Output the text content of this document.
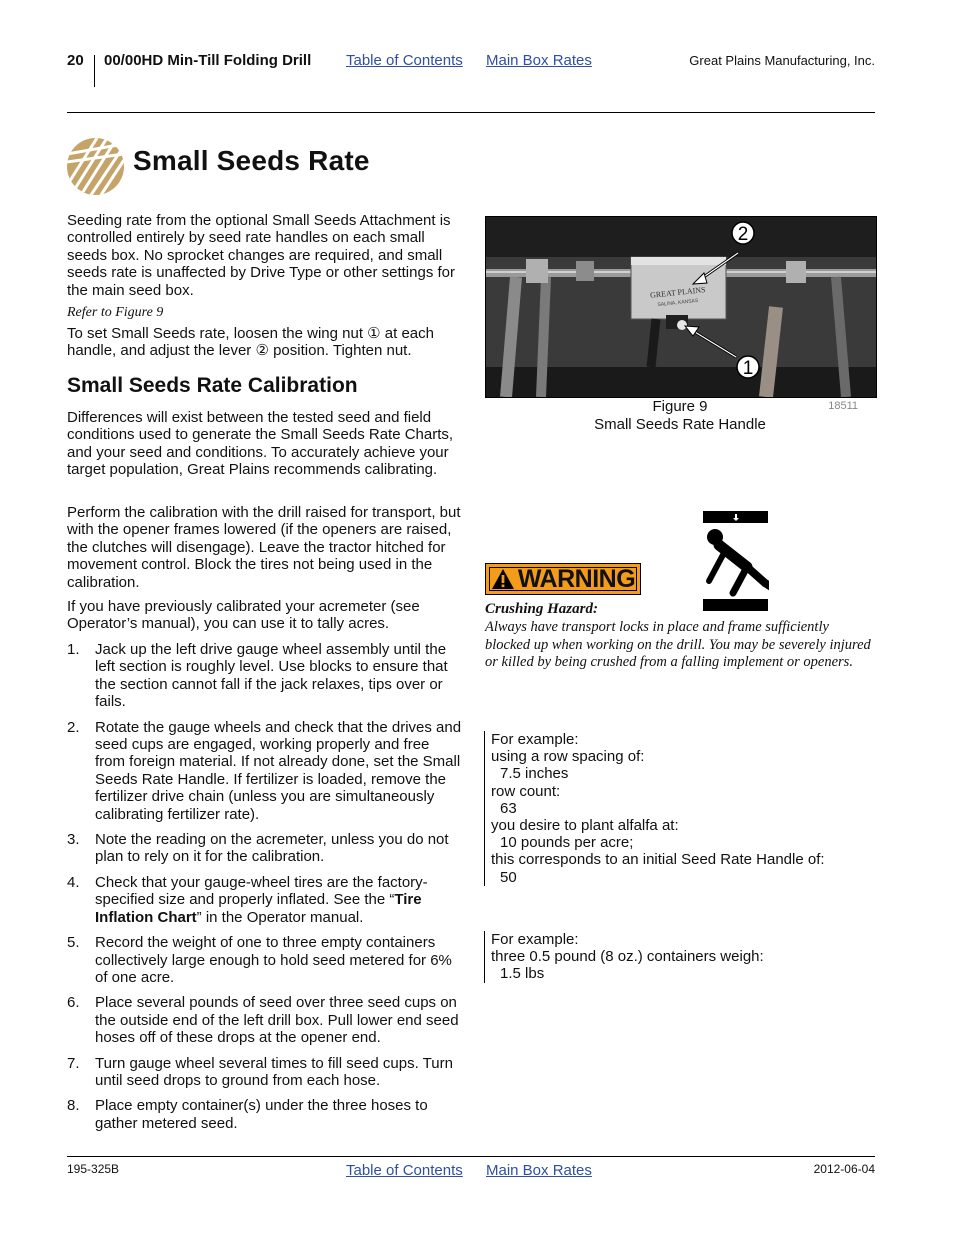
20 00/00HD Min-Till Folding Drill Table of Contents Main Box Rates	Great Plains Manufacturing, Inc.
Small Seeds Rate
Seeding rate from the optional Small Seeds Attachment is controlled entirely by seed rate handles on each small seeds box. No sprocket changes are required, and small seeds rate is unaffected by Drive Type or other settings for the main seed box.
Refer to Figure 9
To set Small Seeds rate, loosen the wing nut ① at each handle, and adjust the lever ② position. Tighten nut.
Small Seeds Rate Calibration
Differences will exist between the tested seed and field conditions used to generate the Small Seeds Rate Charts, and your seed and conditions. To accurately achieve your target population, Great Plains recommends calibrating.
Perform the calibration with the drill raised for transport, but with the opener frames lowered (if the openers are raised, the clutches will disengage). Leave the tractor hitched for movement control. Block the tires not being used in the calibration.
If you have previously calibrated your acremeter (see Operator’s manual), you can use it to tally acres.
1. Jack up the left drive gauge wheel assembly until the left section is roughly level. Use blocks to ensure that the section cannot fall if the jack relaxes, tips over or fails.
2. Rotate the gauge wheels and check that the drives and seed cups are engaged, working properly and free from foreign material. If not already done, set the Small Seeds Rate Handle. If fertilizer is loaded, remove the fertilizer drive chain (unless you are simultaneously calibrating fertilizer rate).
3. Note the reading on the acremeter, unless you do not plan to rely on it for the calibration.
4. Check that your gauge-wheel tires are the factory-specified size and properly inflated. See the “Tire Inflation Chart” in the Operator manual.
5. Record the weight of one to three empty containers collectively large enough to hold seed metered for 6% of one acre.
6. Place several pounds of seed over three seed cups on the outside end of the left drill box. Pull lower end seed hoses off of these drops at the opener end.
7. Turn gauge wheel several times to fill seed cups. Turn until seed drops to ground from each hose.
8. Place empty container(s) under the three hoses to gather metered seed.
GREAT PLAINS
SALINA, KANSAS
2
1
Figure 9
Small Seeds Rate Handle
18511
WARNING
Crushing Hazard:
Always have transport locks in place and frame sufficiently blocked up when working on the drill. You may be severely injured or killed by being crushed from a falling implement or openers.
For example:
using a row spacing of:
7.5 inches
row count:
63
you desire to plant alfalfa at:
10 pounds per acre;
this corresponds to an initial Seed Rate Handle of:
50
For example:
three 0.5 pound (8 oz.) containers weigh:
1.5 lbs
195-325B	Table of Contents Main Box Rates	2012-06-04
